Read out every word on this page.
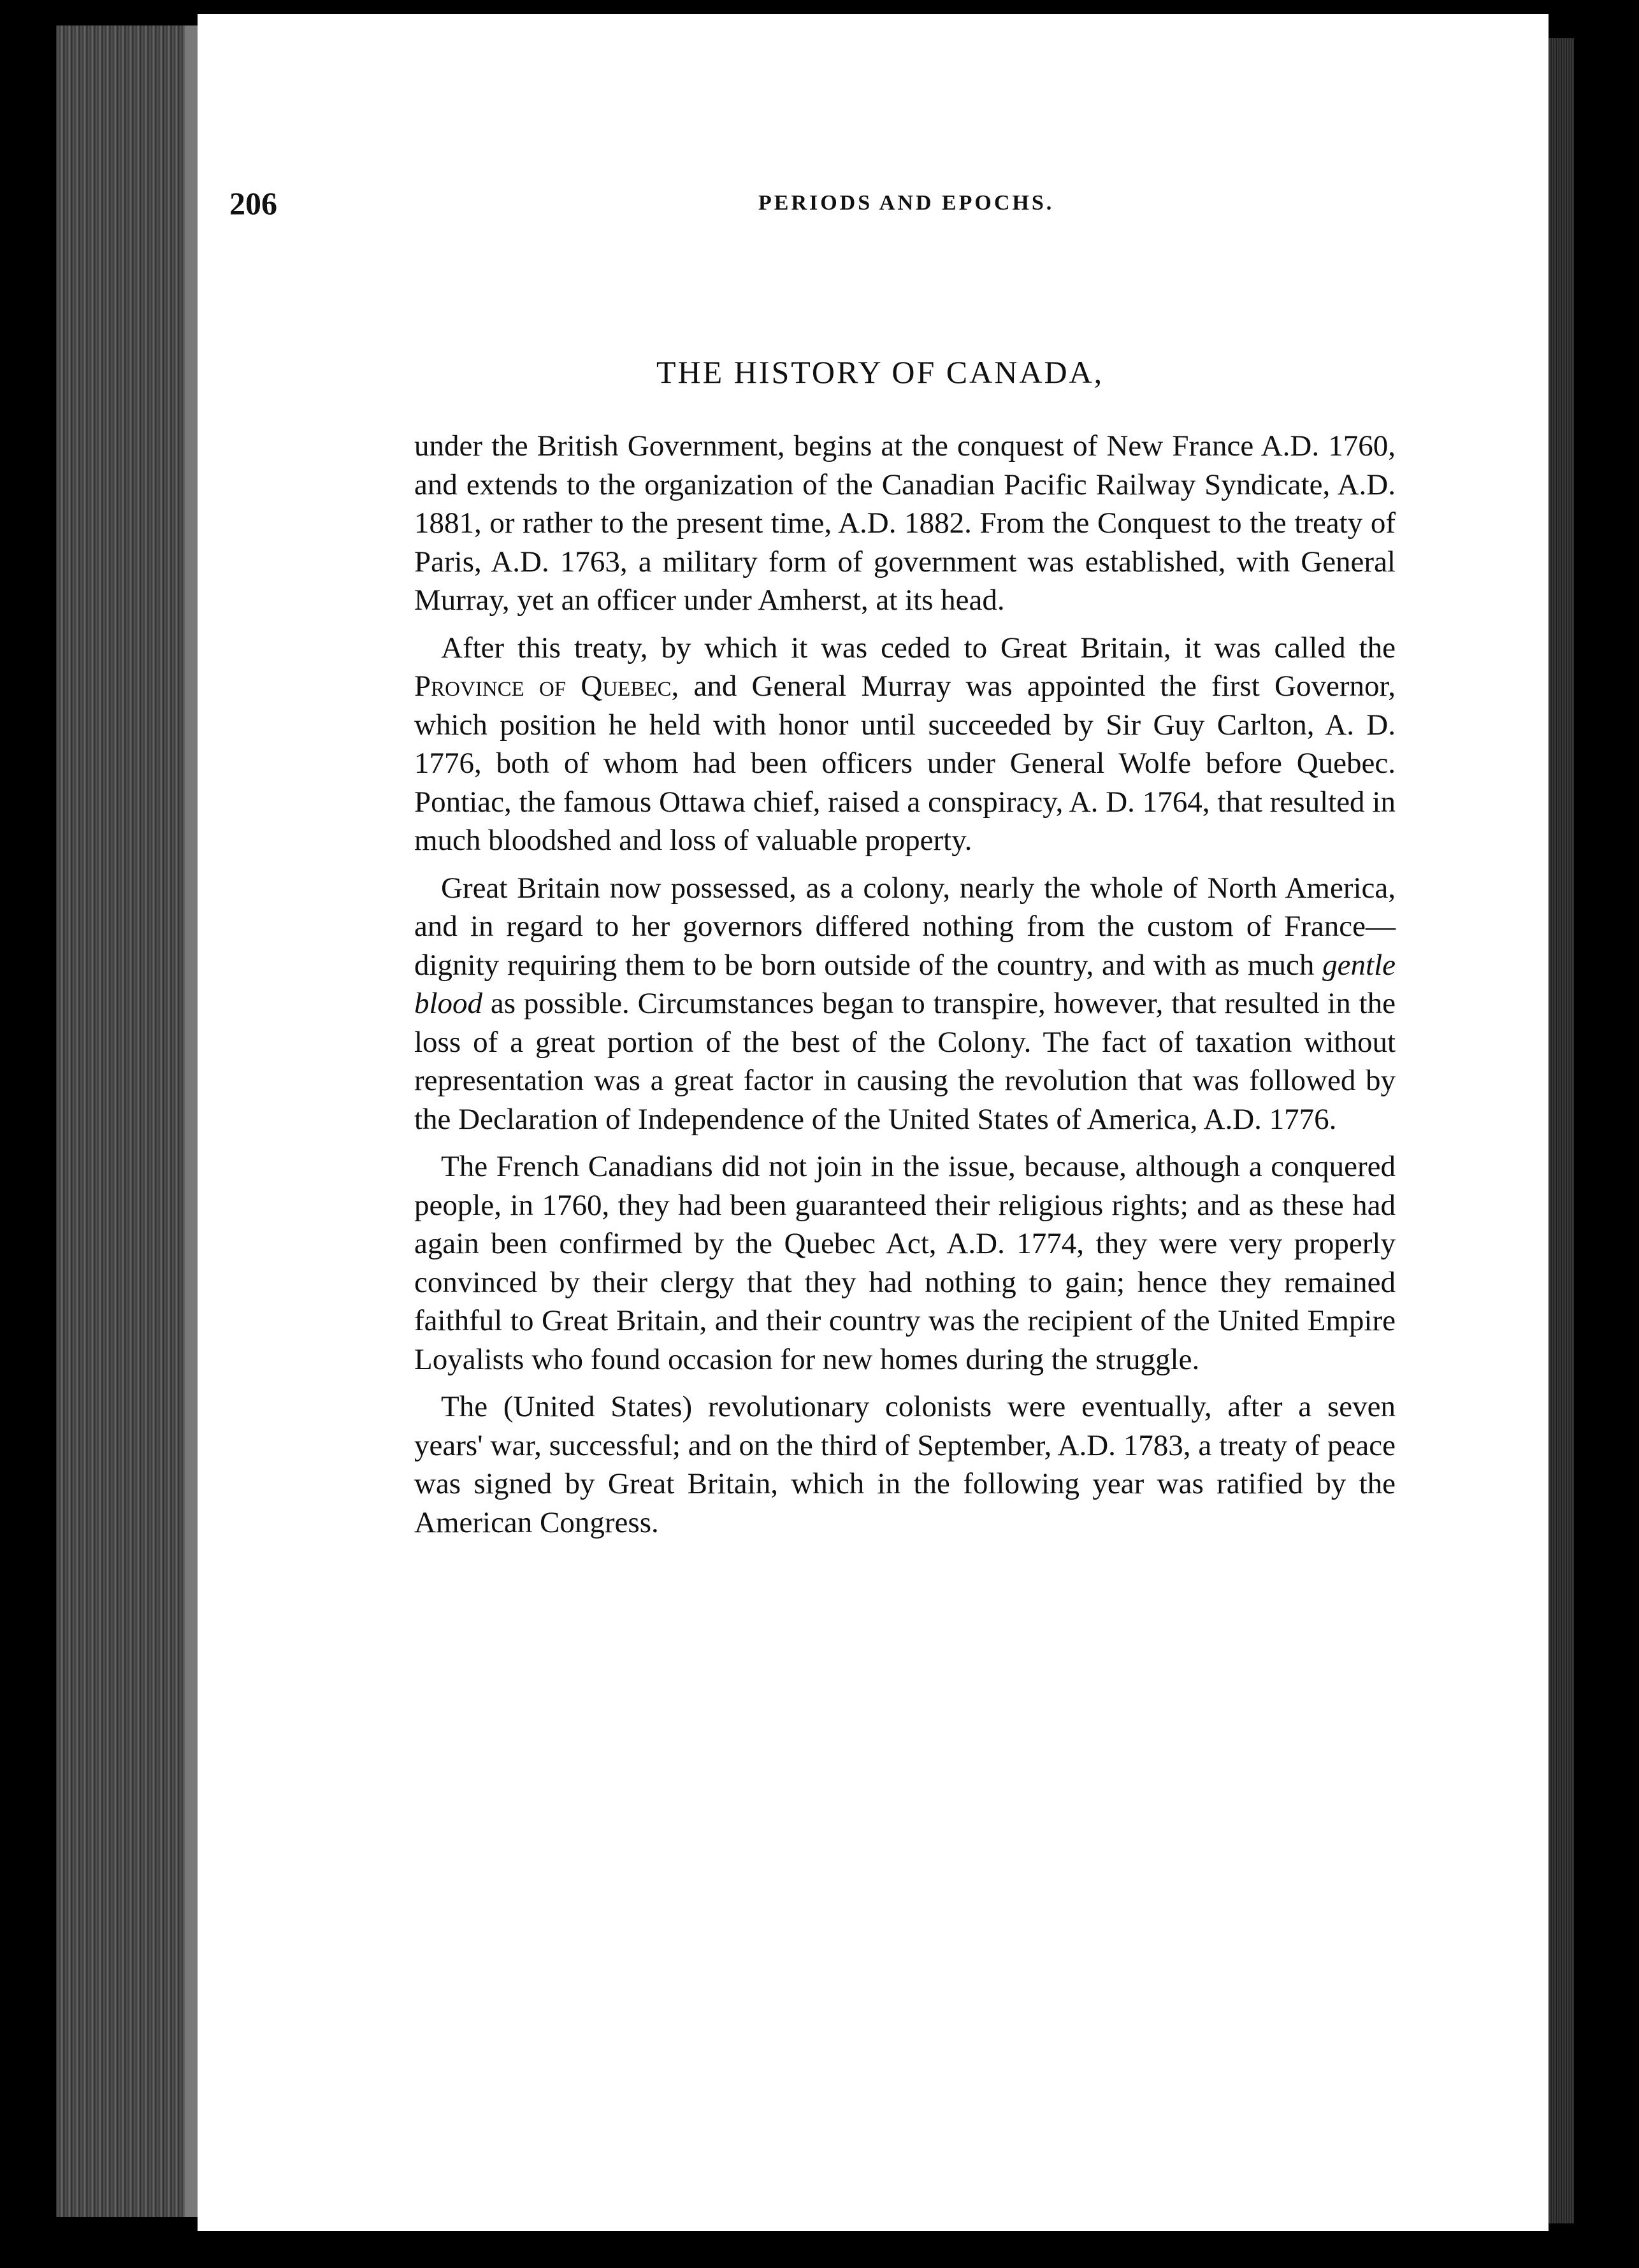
206	PERIODS AND EPOCHS.
THE HISTORY OF CANADA,

under the British Government, begins at the conquest of New France A.D. 1760, and extends to the organization of the Canadian Pacific Railway Syndicate, A.D. 1881, or rather to the present time, A.D. 1882. From the Conquest to the treaty of Paris, A.D. 1763, a military form of government was established, with General Murray, yet an officer under Amherst, at its head.

After this treaty, by which it was ceded to Great Britain, it was called the Province of Quebec, and General Murray was appointed the first Governor, which position he held with honor until succeeded by Sir Guy Carlton, A. D. 1776, both of whom had been officers under General Wolfe before Quebec. Pontiac, the famous Ottawa chief, raised a conspiracy, A. D. 1764, that resulted in much bloodshed and loss of valuable property.

Great Britain now possessed, as a colony, nearly the whole of North America, and in regard to her governors differed nothing from the custom of France—dignity requiring them to be born outside of the country, and with as much gentle blood as possible. Circumstances began to transpire, however, that resulted in the loss of a great portion of the best of the Colony. The fact of taxation without representation was a great factor in causing the revolution that was followed by the Declaration of Independence of the United States of America, A.D. 1776.

The French Canadians did not join in the issue, because, although a conquered people, in 1760, they had been guaranteed their religious rights; and as these had again been confirmed by the Quebec Act, A.D. 1774, they were very properly convinced by their clergy that they had nothing to gain; hence they remained faithful to Great Britain, and their country was the recipient of the United Empire Loyalists who found occasion for new homes during the struggle.

The (United States) revolutionary colonists were eventually, after a seven years' war, successful; and on the third of September, A.D. 1783, a treaty of peace was signed by Great Britain, which in the following year was ratified by the American Congress.
